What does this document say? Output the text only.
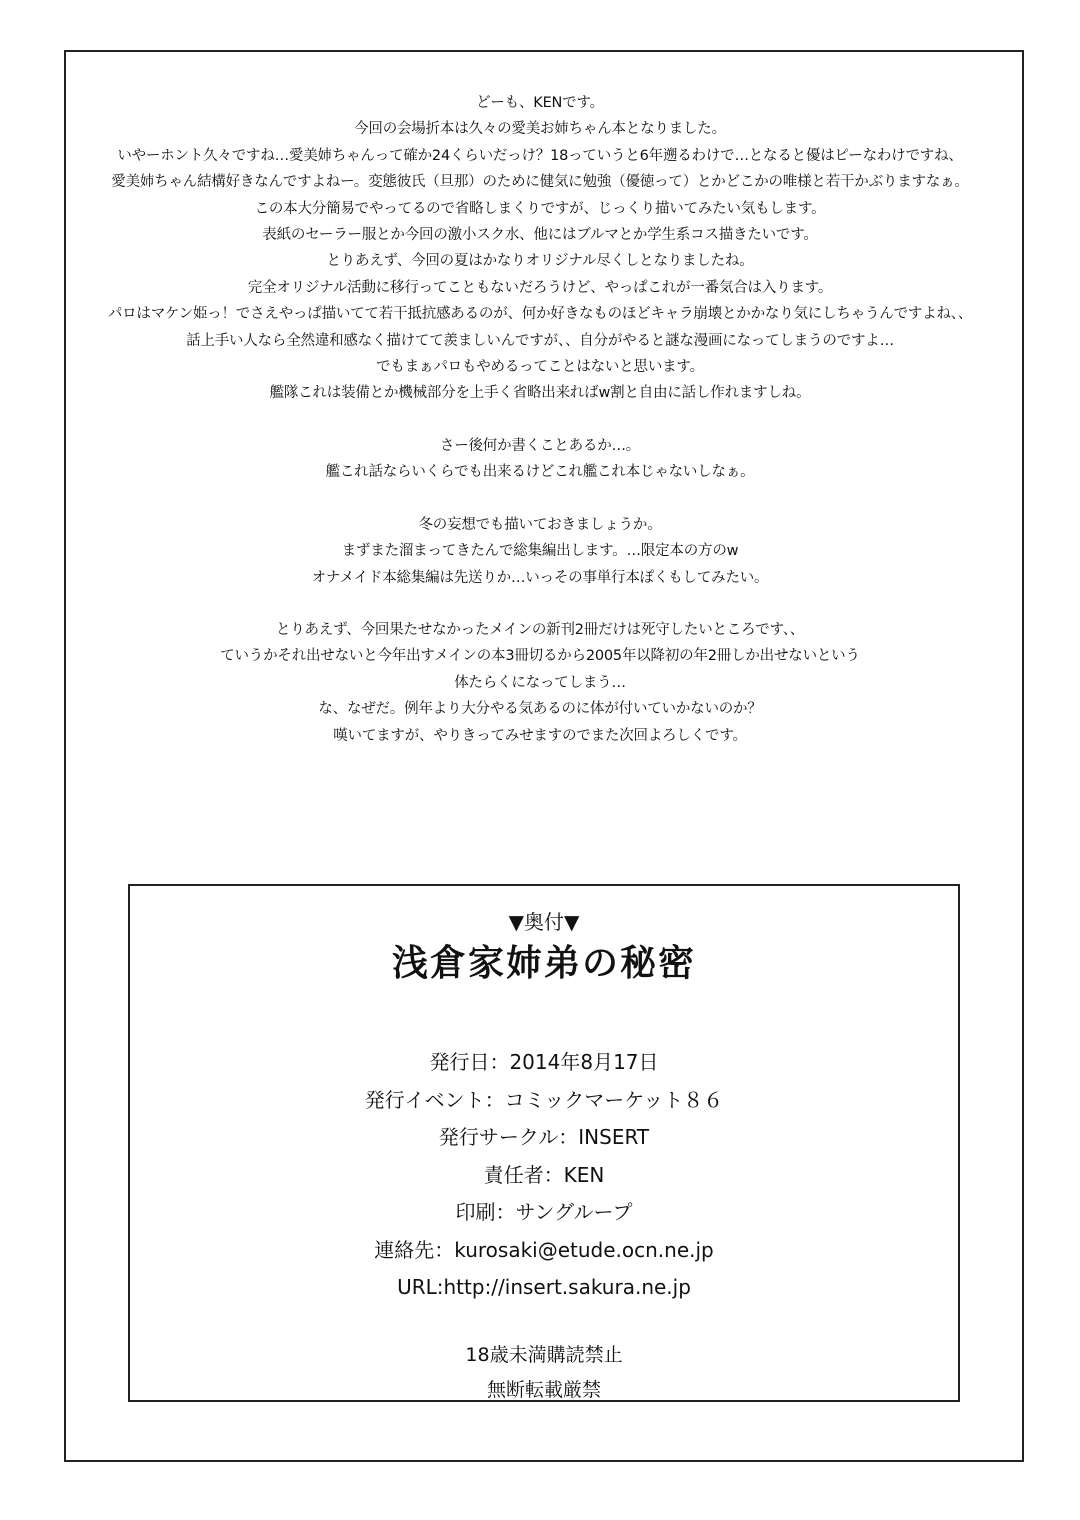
どーも、KENです。
今回の会場折本は久々の愛美お姉ちゃん本となりました。
いやーホント久々ですね…愛美姉ちゃんって確か24くらいだっけ？18っていうと6年遡るわけで…となると優はピーなわけですね、
愛美姉ちゃん結構好きなんですよねー。変態彼氏（旦那）のために健気に勉強（優徳って）とかどこかの唯様と若干かぶりますなぁ。
この本大分簡易でやってるので省略しまくりですが、じっくり描いてみたい気もします。
表紙のセーラー服とか今回の激小スク水、他にはブルマとか学生系コス描きたいです。
とりあえず、今回の夏はかなりオリジナル尽くしとなりましたね。
完全オリジナル活動に移行ってこともないだろうけど、やっぱこれが一番気合は入ります。
パロはマケン姫っ！でさえやっぱ描いてて若干抵抗感あるのが、何か好きなものほどキャラ崩壊とかかなり気にしちゃうんですよね、、
話上手い人なら全然違和感なく描けてて羨ましいんですが、、自分がやると謎な漫画になってしまうのですよ…
でもまぁパロもやめるってことはないと思います。
艦隊これは装備とか機械部分を上手く省略出来ればw割と自由に話し作れますしね。
さー後何か書くことあるか…。
艦これ話ならいくらでも出来るけどこれ艦これ本じゃないしなぁ。
冬の妄想でも描いておきましょうか。
まずまた溜まってきたんで総集編出します。…限定本の方のw
オナメイド本総集編は先送りか…いっその事単行本ぽくもしてみたい。
とりあえず、今回果たせなかったメインの新刊2冊だけは死守したいところです、、
ていうかそれ出せないと今年出すメインの本3冊切るから2005年以降初の年2冊しか出せないという
体たらくになってしまう…
な、なぜだ。例年より大分やる気あるのに体が付いていかないのか？
嘆いてますが、やりきってみせますのでまた次回よろしくです。
▼奥付▼
浅倉家姉弟の秘密
発行日：2014年8月17日
発行イベント：コミックマーケット８６
発行サークル：INSERT
責任者：KEN
印刷：サングループ
連絡先：kurosaki@etude.ocn.ne.jp
URL:http://insert.sakura.ne.jp
18歳未満購読禁止
無断転載厳禁
